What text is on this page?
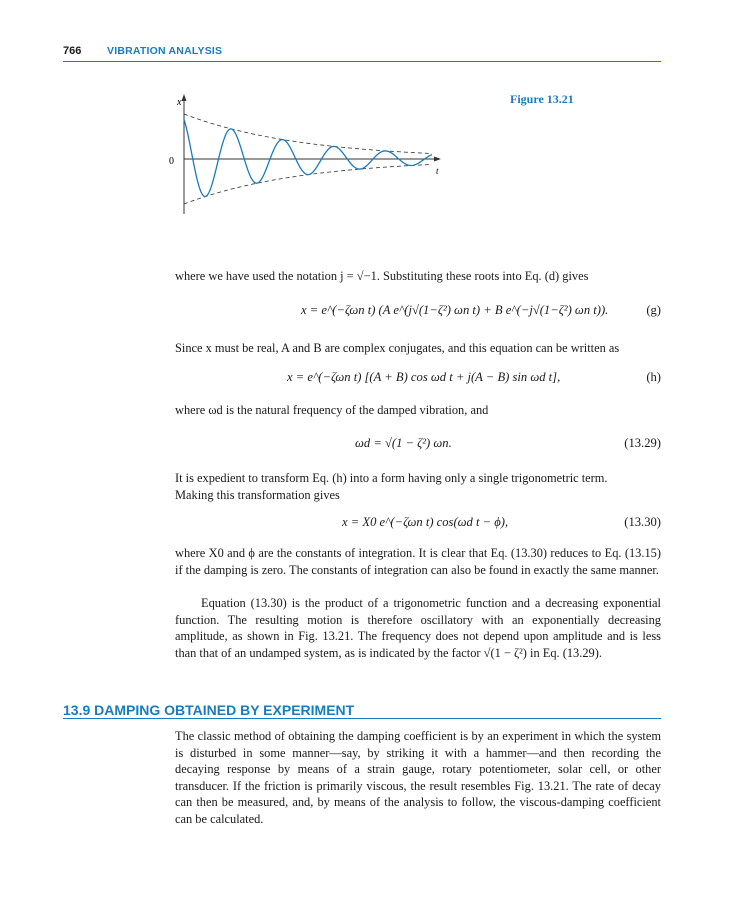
766 VIBRATION ANALYSIS
Figure 13.21
x
0
t

where we have used the notation j = √−1. Substituting these roots into Eq. (d) gives

x = e^(−ζωn t) (A e^(j√(1−ζ²) ωn t) + B e^(−j√(1−ζ²) ωn t)).	(g)

Since x must be real, A and B are complex conjugates, and this equation can be written as

x = e^(−ζωn t) [(A + B) cos ωd t + j(A − B) sin ωd t],	(h)

where ωd is the natural frequency of the damped vibration, and

ωd = √(1 − ζ²) ωn.	(13.29)

It is expedient to transform Eq. (h) into a form having only a single trigonometric term.

Making this transformation gives

x = X0 e^(−ζωn t) cos(ωd t − ϕ),	(13.30)

where X0 and ϕ are the constants of integration. It is clear that Eq. (13.30) reduces to Eq. (13.15) if the damping is zero. The constants of integration can also be found in exactly the same manner.

Equation (13.30) is the product of a trigonometric function and a decreasing exponential function. The resulting motion is therefore oscillatory with an exponentially decreasing amplitude, as shown in Fig. 13.21. The frequency does not depend upon amplitude and is less than that of an undamped system, as is indicated by the factor √(1 − ζ²) in Eq. (13.29).

13.9 DAMPING OBTAINED BY EXPERIMENT

The classic method of obtaining the damping coefficient is by an experiment in which the system is disturbed in some manner—say, by striking it with a hammer—and then recording the decaying response by means of a strain gauge, rotary potentiometer, solar cell, or other transducer. If the friction is primarily viscous, the result resembles Fig. 13.21. The rate of decay can then be measured, and, by means of the analysis to follow, the viscous-damping coefficient can be calculated.
